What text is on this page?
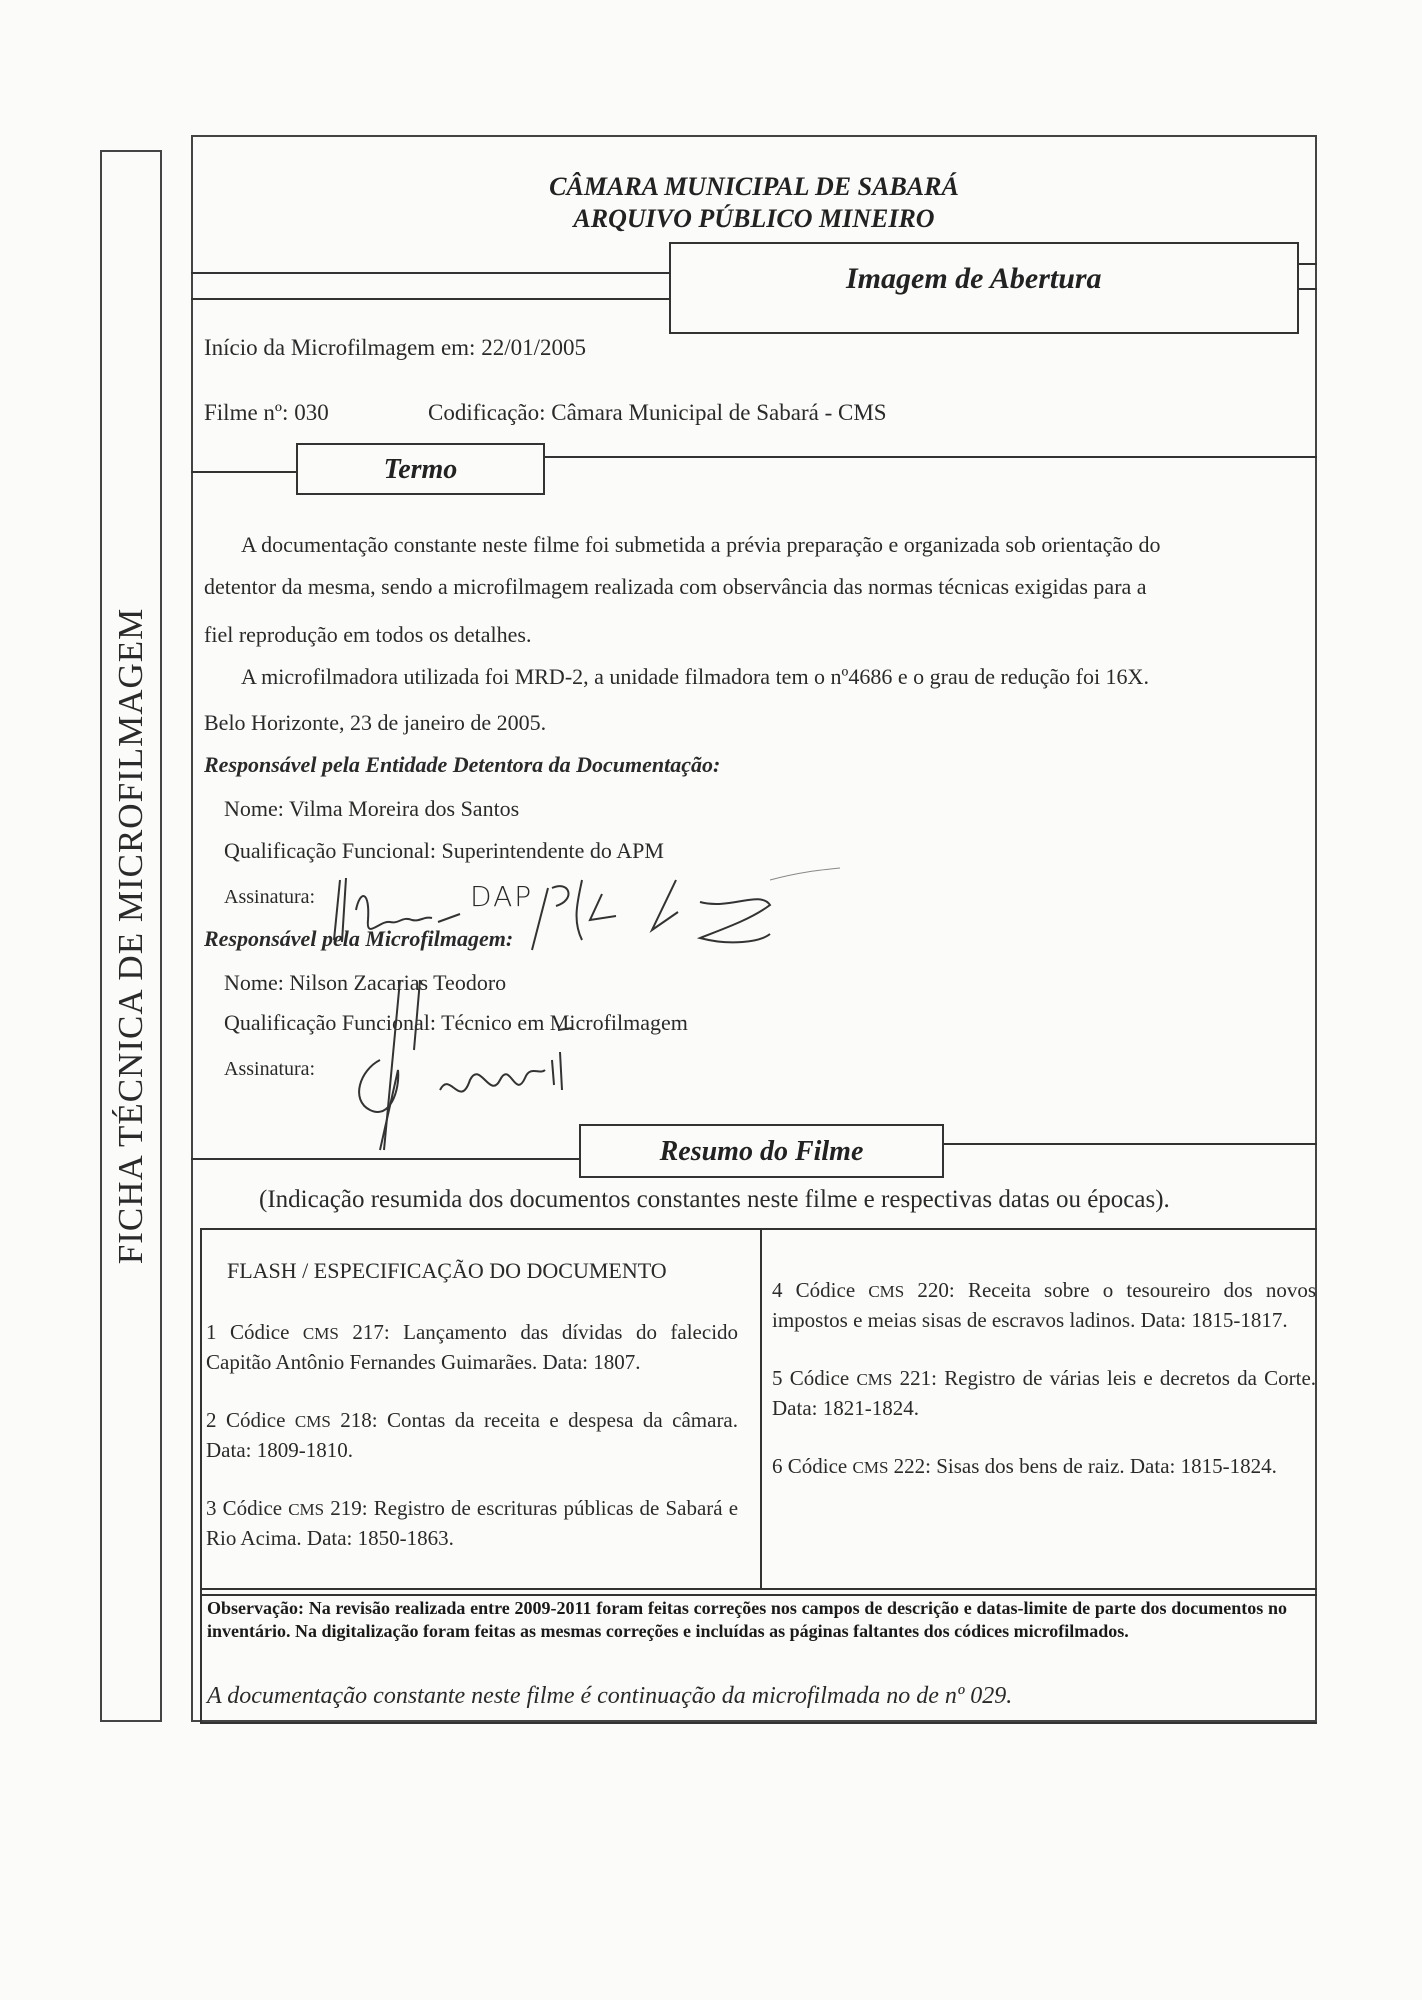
FICHA TÉCNICA DE MICROFILMAGEM
CÂMARA MUNICIPAL DE SABARÁ
ARQUIVO PÚBLICO MINEIRO
Imagem de Abertura
Início da Microfilmagem em: 22/01/2005
Filme nº: 030	Codificação: Câmara Municipal de Sabará - CMS
Termo
A documentação constante neste filme foi submetida a prévia preparação e organizada sob orientação do
detentor da mesma, sendo a microfilmagem realizada com observância das normas técnicas exigidas para a
fiel reprodução em todos os detalhes.
A microfilmadora utilizada foi MRD-2, a unidade filmadora tem o nº4686 e o grau de redução foi 16X.
Belo Horizonte, 23 de janeiro de 2005.
Responsável pela Entidade Detentora da Documentação:
Nome: Vilma Moreira dos Santos
Qualificação Funcional: Superintendente do APM
Assinatura:	DAP
Responsável pela Microfilmagem:
Nome: Nilson Zacarias Teodoro
Qualificação Funcional: Técnico em Microfilmagem
Assinatura:
Resumo do Filme
(Indicação resumida dos documentos constantes neste filme e respectivas datas ou épocas).
FLASH / ESPECIFICAÇÃO DO DOCUMENTO

1 Códice CMS 217: Lançamento das dívidas do falecido Capitão Antônio Fernandes Guimarães. Data: 1807.

2 Códice CMS 218: Contas da receita e despesa da câmara. Data: 1809-1810.

3 Códice CMS 219: Registro de escrituras públicas de Sabará e Rio Acima. Data: 1850-1863.

4 Códice CMS 220: Receita sobre o tesoureiro dos novos impostos e meias sisas de escravos ladinos. Data: 1815-1817.

5 Códice CMS 221: Registro de várias leis e decretos da Corte. Data: 1821-1824.

6 Códice CMS 222: Sisas dos bens de raiz. Data: 1815-1824.

Observação: Na revisão realizada entre 2009-2011 foram feitas correções nos campos de descrição e datas-limite de parte dos documentos no inventário. Na digitalização foram feitas as mesmas correções e incluídas as páginas faltantes dos códices microfilmados.
A documentação constante neste filme é continuação da microfilmada no de nº 029.
